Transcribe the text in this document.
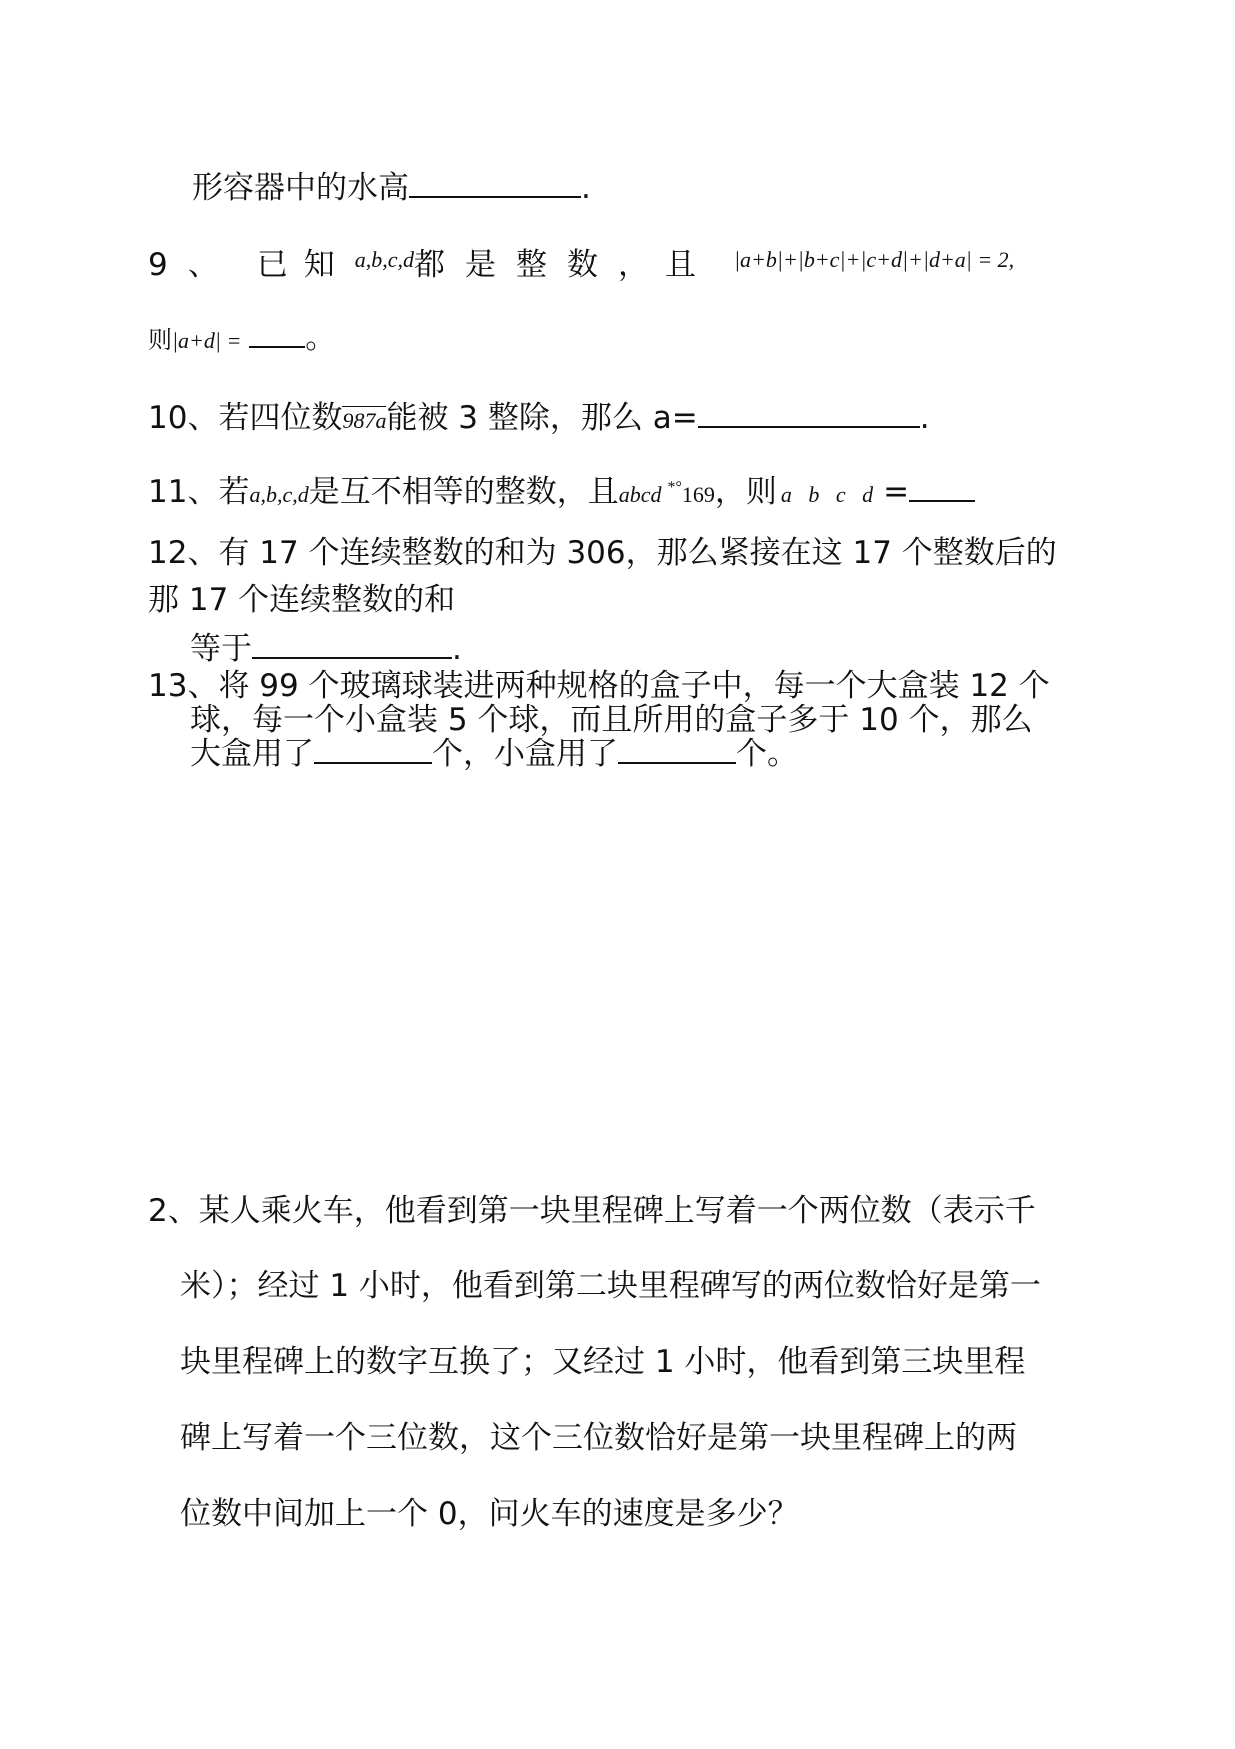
形容器中的水高	.
9 、 已 知 $^{a,b,c,d}$都 是 整 数 ， 且 $^{|a+b|+|b+c|+|c+d|+|d+a| = 2,}$
则|a+d| = 。
10、若四位数987a能被 3 整除，那么 a=	.
11、若a,b,c,d是互不相等的整数，且abcd *°169，则 a   b   c   d =
12、有 17 个连续整数的和为 306，那么紧接在这 17 个整数后的
那 17 个连续整数的和
等于	.
13、将 99 个玻璃球装进两种规格的盒子中，每一个大盒装 12 个
球，每一个小盒装 5 个球，而且所用的盒子多于 10 个，那么
大盒用了	个，小盒用了	个。
2、某人乘火车，他看到第一块里程碑上写着一个两位数（表示千
米）；经过 1 小时，他看到第二块里程碑写的两位数恰好是第一
块里程碑上的数字互换了；又经过 1 小时，他看到第三块里程
碑上写着一个三位数，这个三位数恰好是第一块里程碑上的两
位数中间加上一个 0，问火车的速度是多少？
